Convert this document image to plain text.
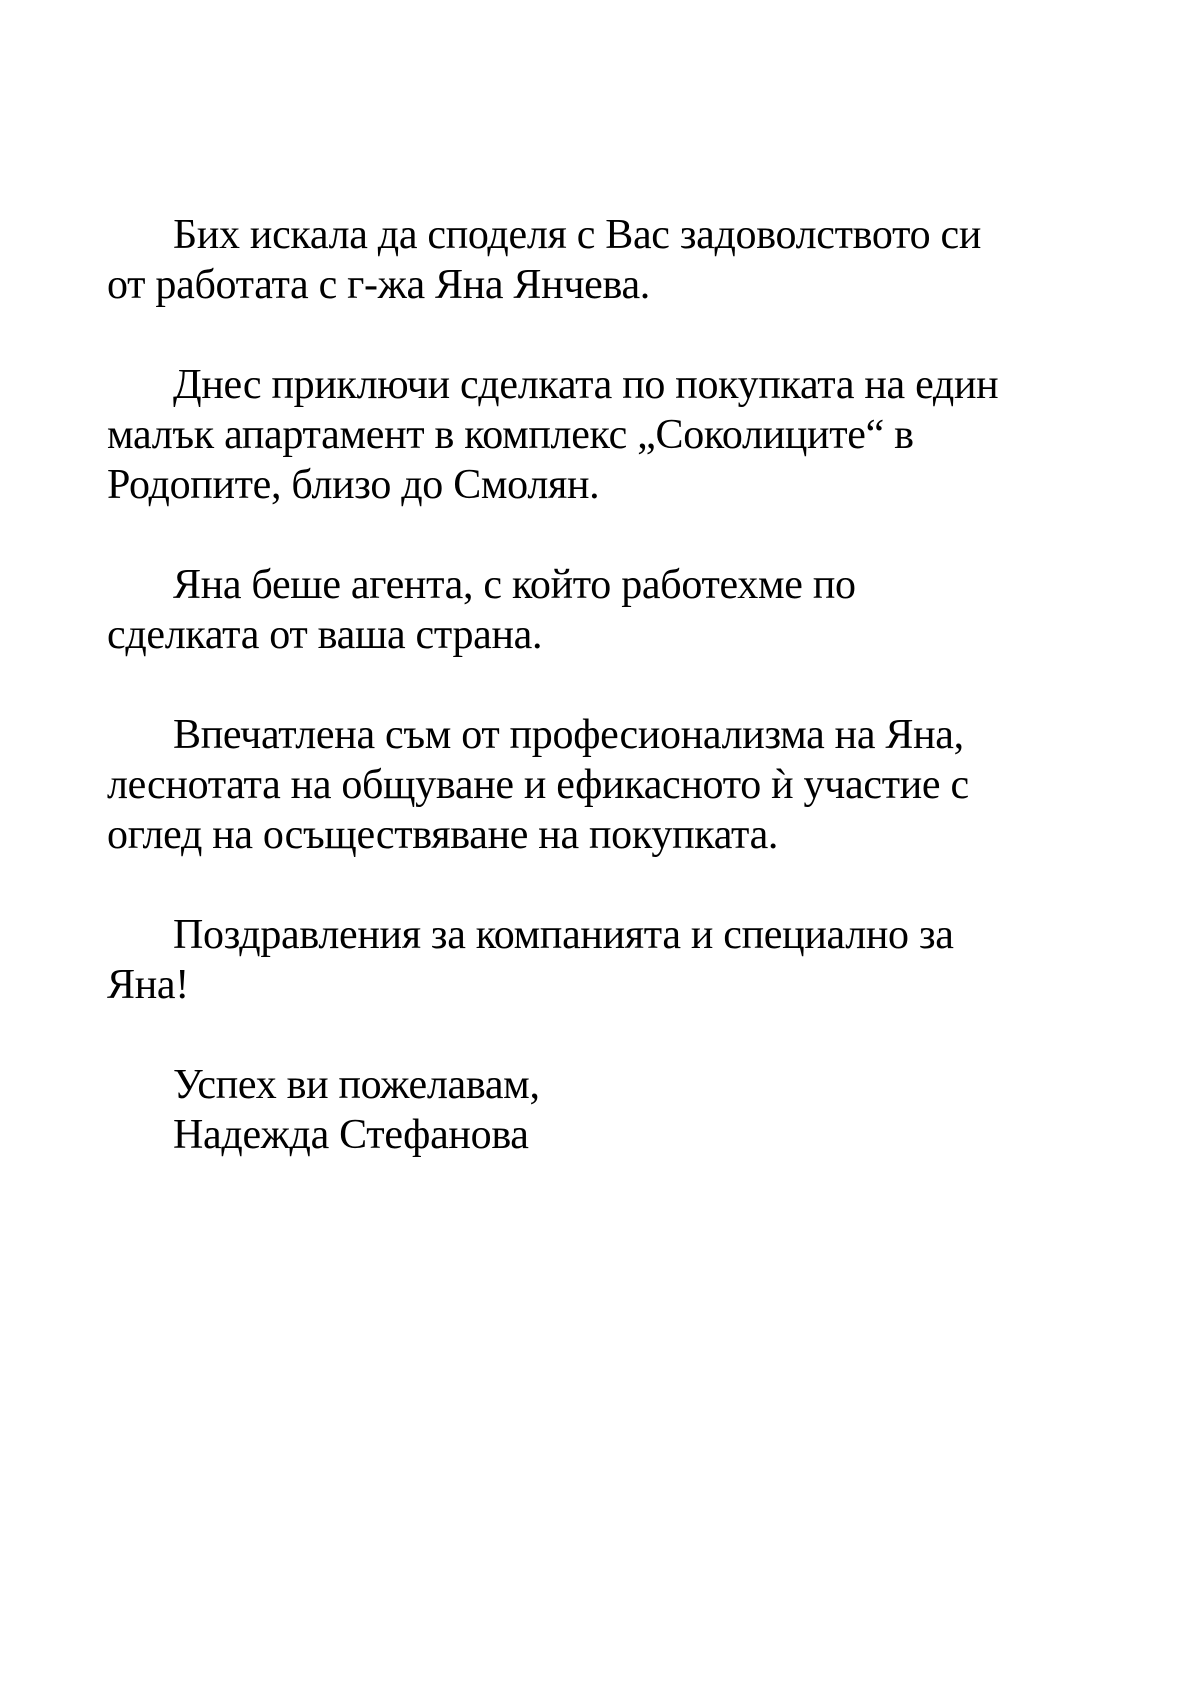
Бих искала да споделя с Вас задоволството си
от работата с г-жа Яна Янчева.

Днес приключи сделката по покупката на един
малък апартамент в комплекс „Соколиците“ в
Родопите, близо до Смолян.

Яна беше агента, с който работехме по
сделката от ваша страна.

Впечатлена съм от професионализма на Яна,
леснотата на общуване и ефикасното ѝ участие с
оглед на осъществяване на покупката.

Поздравления за компанията и специално за
Яна!

Успех ви пожелавам,
Надежда Стефанова
